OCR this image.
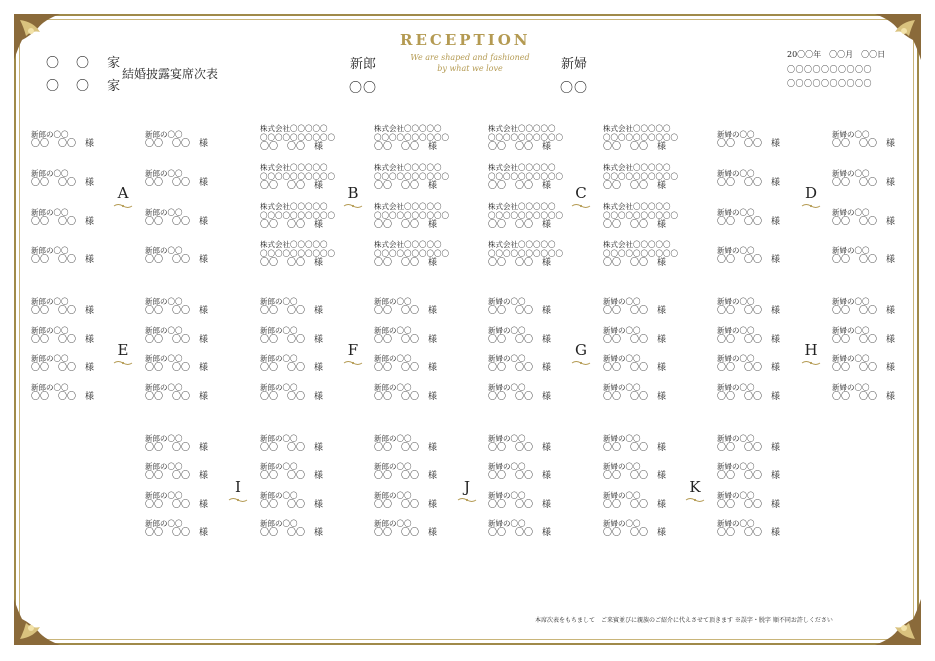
〇　〇 家
〇　〇 家
結婚披露宴席次表
新郎
〇〇
RECEPTION
We are shaped and fashioned
by what we love	新婦
〇〇
20〇〇年　〇〇月　〇〇日
〇〇〇〇〇〇〇〇〇〇
〇〇〇〇〇〇〇〇〇〇
新郎の〇〇
〇〇　〇〇　様
新郎の〇〇
〇〇　〇〇　様
新郎の〇〇
〇〇　〇〇　様
新郎の〇〇
〇〇　〇〇　様
新郎の〇〇
〇〇　〇〇　様
新郎の〇〇
〇〇　〇〇　様
新郎の〇〇
〇〇　〇〇　様
新郎の〇〇
〇〇　〇〇　様
A
株式会社〇〇〇〇〇
〇〇〇〇〇〇〇〇〇〇
〇〇　〇〇　様
株式会社〇〇〇〇〇
〇〇〇〇〇〇〇〇〇〇
〇〇　〇〇　様
株式会社〇〇〇〇〇
〇〇〇〇〇〇〇〇〇〇
〇〇　〇〇　様
株式会社〇〇〇〇〇
〇〇〇〇〇〇〇〇〇〇
〇〇　〇〇　様
株式会社〇〇〇〇〇
〇〇〇〇〇〇〇〇〇〇
〇〇　〇〇　様
株式会社〇〇〇〇〇
〇〇〇〇〇〇〇〇〇〇
〇〇　〇〇　様
株式会社〇〇〇〇〇
〇〇〇〇〇〇〇〇〇〇
〇〇　〇〇　様
株式会社〇〇〇〇〇
〇〇〇〇〇〇〇〇〇〇
〇〇　〇〇　様
B
株式会社〇〇〇〇〇
〇〇〇〇〇〇〇〇〇〇
〇〇　〇〇　様
株式会社〇〇〇〇〇
〇〇〇〇〇〇〇〇〇〇
〇〇　〇〇　様
株式会社〇〇〇〇〇
〇〇〇〇〇〇〇〇〇〇
〇〇　〇〇　様
株式会社〇〇〇〇〇
〇〇〇〇〇〇〇〇〇〇
〇〇　〇〇　様
株式会社〇〇〇〇〇
〇〇〇〇〇〇〇〇〇〇
〇〇　〇〇　様
株式会社〇〇〇〇〇
〇〇〇〇〇〇〇〇〇〇
〇〇　〇〇　様
株式会社〇〇〇〇〇
〇〇〇〇〇〇〇〇〇〇
〇〇　〇〇　様
株式会社〇〇〇〇〇
〇〇〇〇〇〇〇〇〇〇
〇〇　〇〇　様
C
新婦の〇〇
〇〇　〇〇　様
新婦の〇〇
〇〇　〇〇　様
新婦の〇〇
〇〇　〇〇　様
新婦の〇〇
〇〇　〇〇　様
新婦の〇〇
〇〇　〇〇　様
新婦の〇〇
〇〇　〇〇　様
新婦の〇〇
〇〇　〇〇　様
新婦の〇〇
〇〇　〇〇　様
D
新郎の〇〇
〇〇　〇〇　様
新郎の〇〇
〇〇　〇〇　様
新郎の〇〇
〇〇　〇〇　様
新郎の〇〇
〇〇　〇〇　様
新郎の〇〇
〇〇　〇〇　様
新郎の〇〇
〇〇　〇〇　様
新郎の〇〇
〇〇　〇〇　様
新郎の〇〇
〇〇　〇〇　様
E
新郎の〇〇
〇〇　〇〇　様
新郎の〇〇
〇〇　〇〇　様
新郎の〇〇
〇〇　〇〇　様
新郎の〇〇
〇〇　〇〇　様
新郎の〇〇
〇〇　〇〇　様
新郎の〇〇
〇〇　〇〇　様
新郎の〇〇
〇〇　〇〇　様
新郎の〇〇
〇〇　〇〇　様
F
新婦の〇〇
〇〇　〇〇　様
新婦の〇〇
〇〇　〇〇　様
新婦の〇〇
〇〇　〇〇　様
新婦の〇〇
〇〇　〇〇　様
新婦の〇〇
〇〇　〇〇　様
新婦の〇〇
〇〇　〇〇　様
新婦の〇〇
〇〇　〇〇　様
新婦の〇〇
〇〇　〇〇　様
G
新婦の〇〇
〇〇　〇〇　様
新婦の〇〇
〇〇　〇〇　様
新婦の〇〇
〇〇　〇〇　様
新婦の〇〇
〇〇　〇〇　様
新婦の〇〇
〇〇　〇〇　様
新婦の〇〇
〇〇　〇〇　様
新婦の〇〇
〇〇　〇〇　様
新婦の〇〇
〇〇　〇〇　様
H
新郎の〇〇
〇〇　〇〇　様
新郎の〇〇
〇〇　〇〇　様
新郎の〇〇
〇〇　〇〇　様
新郎の〇〇
〇〇　〇〇　様
新郎の〇〇
〇〇　〇〇　様
新郎の〇〇
〇〇　〇〇　様
新郎の〇〇
〇〇　〇〇　様
新郎の〇〇
〇〇　〇〇　様
I
新郎の〇〇
〇〇　〇〇　様
新婦の〇〇
〇〇　〇〇　様
新郎の〇〇
〇〇　〇〇　様
新婦の〇〇
〇〇　〇〇　様
新郎の〇〇
〇〇　〇〇　様
新婦の〇〇
〇〇　〇〇　様
新郎の〇〇
〇〇　〇〇　様
新婦の〇〇
〇〇　〇〇　様
J
新婦の〇〇
〇〇　〇〇　様
新婦の〇〇
〇〇　〇〇　様
新婦の〇〇
〇〇　〇〇　様
新婦の〇〇
〇〇　〇〇　様
新婦の〇〇
〇〇　〇〇　様
新婦の〇〇
〇〇　〇〇　様
新婦の〇〇
〇〇　〇〇　様
新婦の〇〇
〇〇　〇〇　様
K
本席次表をもちまして　ご来賓並びに親族のご紹介に代えさせて頂きます ※誤字・脱字 順不同お許しください
